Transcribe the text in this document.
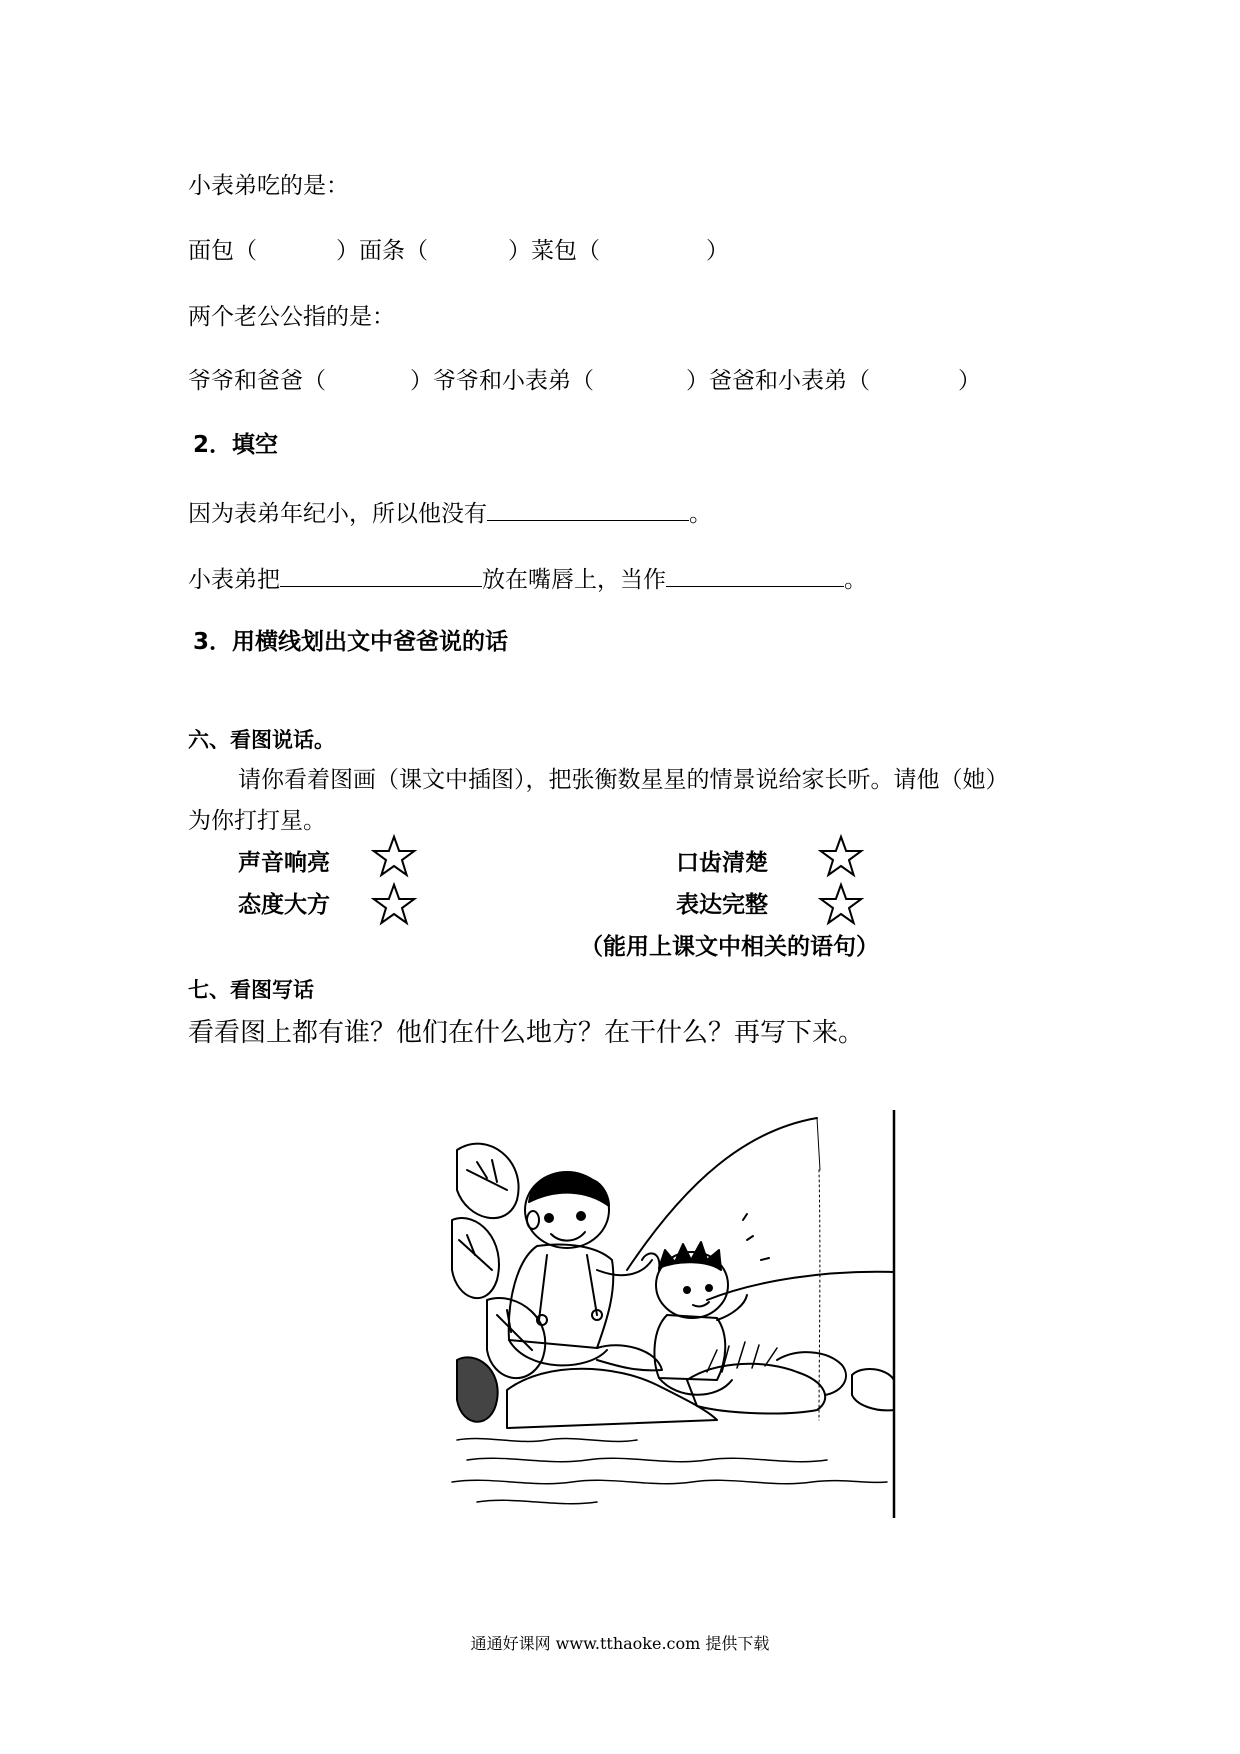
小表弟吃的是：
面包（	）面条（	）菜包（	）
两个老公公指的是：
爷爷和爸爸（	）爷爷和小表弟（	）爸爸和小表弟（	）
2．填空
因为表弟年纪小，所以他没有	。
小表弟把	放在嘴唇上，当作	。
3．用横线划出文中爸爸说的话
六、看图说话。
请你看着图画（课文中插图），把张衡数星星的情景说给家长听。请他（她）
为你打打星。
声音响亮	口齿清楚
态度大方	表达完整
（能用上课文中相关的语句）
七、看图写话
看看图上都有谁？他们在什么地方？在干什么？再写下来。
通通好课网 www.tthaoke.com 提供下载
